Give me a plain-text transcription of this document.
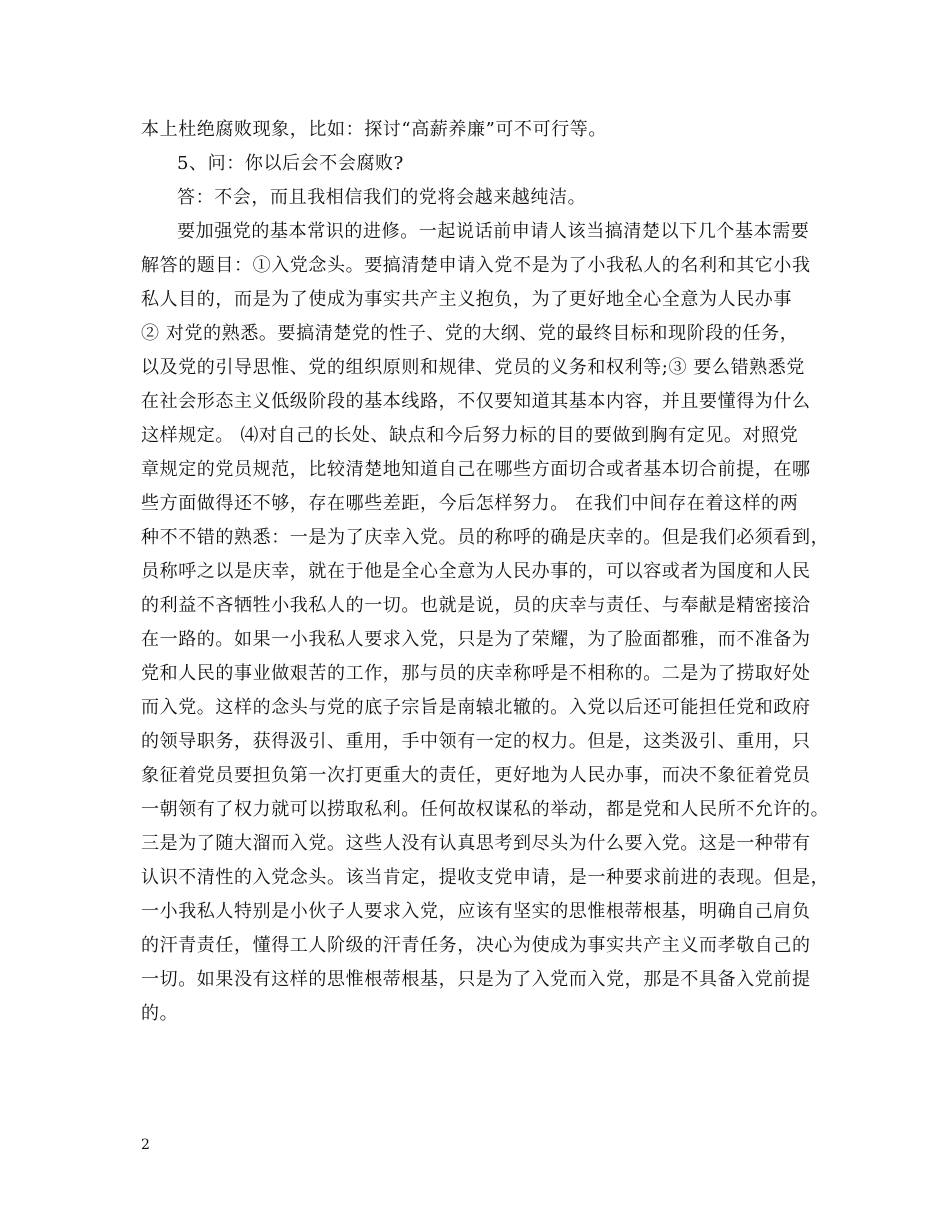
本上杜绝腐败现象，比如：探讨“高薪养廉”可不可行等。
5、问：你以后会不会腐败?
答：不会，而且我相信我们的党将会越来越纯洁。
要加强党的基本常识的进修。一起说话前申请人该当搞清楚以下几个基本需要
解答的题目：①入党念头。要搞清楚申请入党不是为了小我私人的名利和其它小我
私人目的，而是为了使成为事实共产主义抱负，为了更好地全心全意为人民办事
② 对党的熟悉。要搞清楚党的性子、党的大纲、党的最终目标和现阶段的任务，
以及党的引导思惟、党的组织原则和规律、党员的义务和权利等;③ 要么错熟悉党
在社会形态主义低级阶段的基本线路，不仅要知道其基本内容，并且要懂得为什么
这样规定。 ⑷对自己的长处、缺点和今后努力标的目的要做到胸有定见。对照党
章规定的党员规范，比较清楚地知道自己在哪些方面切合或者基本切合前提，在哪
些方面做得还不够，存在哪些差距，今后怎样努力。 在我们中间存在着这样的两
种不不错的熟悉：一是为了庆幸入党。员的称呼的确是庆幸的。但是我们必须看到，
员称呼之以是庆幸，就在于他是全心全意为人民办事的，可以容或者为国度和人民
的利益不吝牺牲小我私人的一切。也就是说，员的庆幸与责任、与奉献是精密接洽
在一路的。如果一小我私人要求入党，只是为了荣耀，为了脸面都雅，而不准备为
党和人民的事业做艰苦的工作，那与员的庆幸称呼是不相称的。二是为了捞取好处
而入党。这样的念头与党的底子宗旨是南辕北辙的。入党以后还可能担任党和政府
的领导职务，获得汲引、重用，手中领有一定的权力。但是，这类汲引、重用，只
象征着党员要担负第一次打更重大的责任，更好地为人民办事，而决不象征着党员
一朝领有了权力就可以捞取私利。任何故权谋私的举动，都是党和人民所不允许的。
三是为了随大溜而入党。这些人没有认真思考到尽头为什么要入党。这是一种带有
认识不清性的入党念头。该当肯定，提收支党申请，是一种要求前进的表现。但是，
一小我私人特别是小伙子人要求入党，应该有坚实的思惟根蒂根基，明确自己肩负
的汗青责任，懂得工人阶级的汗青任务，决心为使成为事实共产主义而孝敬自己的
一切。如果没有这样的思惟根蒂根基，只是为了入党而入党，那是不具备入党前提
的。
2
